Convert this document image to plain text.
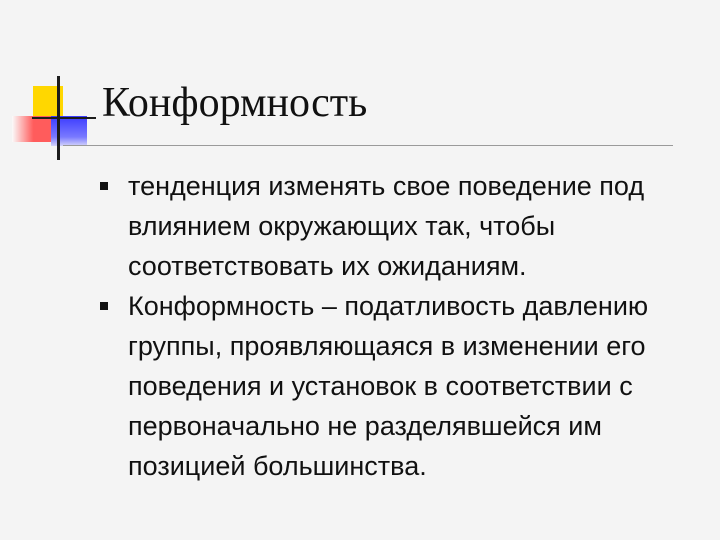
Конформность
тенденция изменять свое поведение под влиянием окружающих так, чтобы соответствовать их ожиданиям.
Конформность – податливость давлению группы, проявляющаяся в изменении его поведения и установок в соответствии с первоначально не разделявшейся им позицией большинства.
